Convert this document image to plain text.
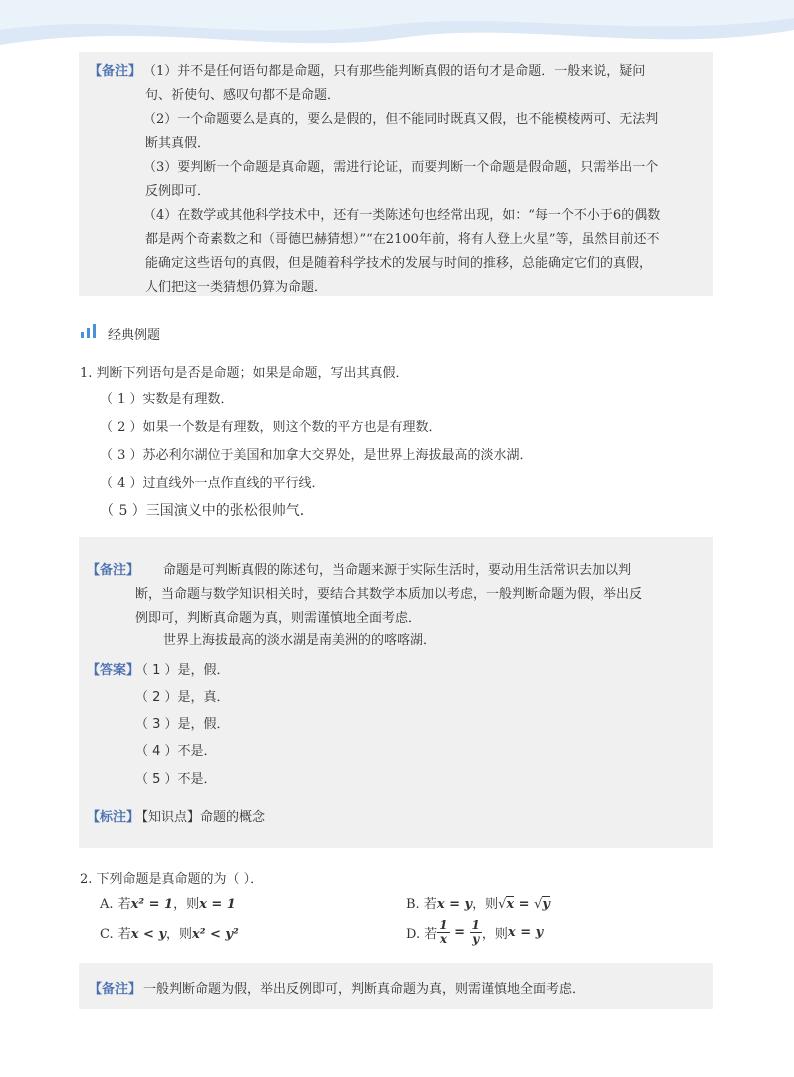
【备注】 （1）并不是任何语句都是命题，只有那些能判断真假的语句才是命题．一般来说，疑问
句、祈使句、感叹句都不是命题．
（2）一个命题要么是真的，要么是假的，但不能同时既真又假，也不能模棱两可、无法判
断其真假．
（3）要判断一个命题是真命题，需进行论证，而要判断一个命题是假命题，只需举出一个
反例即可．
（4）在数学或其他科学技术中，还有一类陈述句也经常出现，如：“每一个不小于6的偶数
都是两个奇素数之和（哥德巴赫猜想）”“在2100年前，将有人登上火星”等，虽然目前还不
能确定这些语句的真假，但是随着科学技术的发展与时间的推移，总能确定它们的真假，
人们把这一类猜想仍算为命题．
经典例题
1. 判断下列语句是否是命题；如果是命题，写出其真假．
（ 1 ）实数是有理数．
（ 2 ）如果一个数是有理数，则这个数的平方也是有理数．
（ 3 ）苏必利尔湖位于美国和加拿大交界处，是世界上海拔最高的淡水湖．
（ 4 ）过直线外一点作直线的平行线．
（ 5 ）三国演义中的张松很帅气．
【备注】 命题是可判断真假的陈述句，当命题来源于实际生活时，要动用生活常识去加以判
断，当命题与数学知识相关时，要结合其数学本质加以考虑，一般判断命题为假，举出反
例即可，判断真命题为真，则需谨慎地全面考虑．
世界上海拔最高的淡水湖是南美洲的的喀喀湖．
【答案】
（ 1 ）是，假．
（ 2 ）是，真．
（ 3 ）是，假．
（ 4 ）不是．
（ 5 ）不是．
【标注】
【知识点】命题的概念
2. 下列命题是真命题的为（ ）．
A. 若x² = 1，则x = 1	B. 若x = y，则√x = √y
C. 若x < y，则x² < y²	D. 若 $\frac{1}{x} = \frac{1}{y}$ ，则 x = y
【备注】 一般判断命题为假，举出反例即可，判断真命题为真，则需谨慎地全面考虑．
